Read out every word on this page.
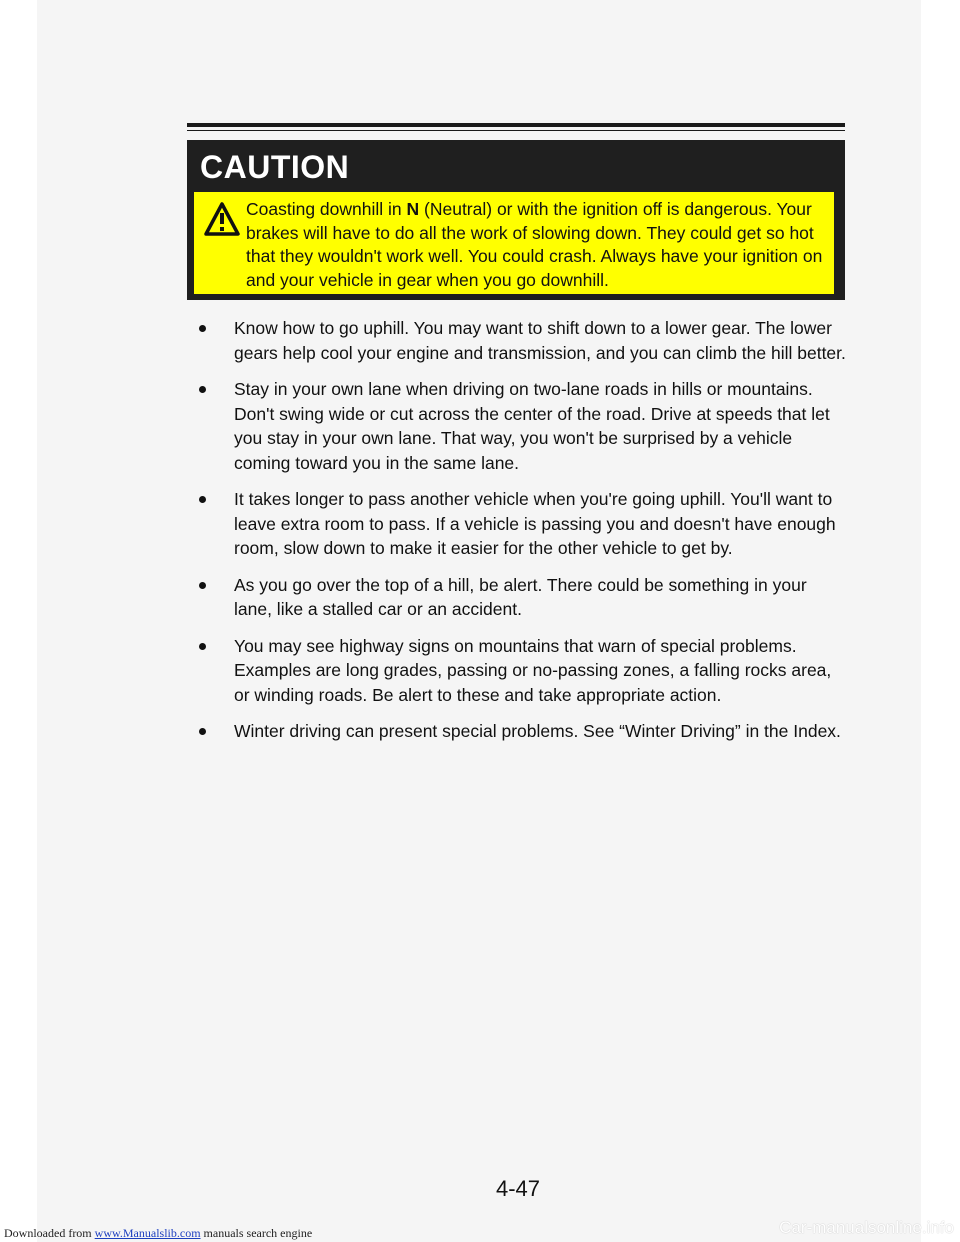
CAUTION

Coasting downhill in N (Neutral) or with the ignition off is dangerous. Your brakes will have to do all the work of slowing down. They could get so hot that they wouldn't work well. You could crash. Always have your ignition on and your vehicle in gear when you go downhill.

Know how to go uphill. You may want to shift down to a lower gear. The lower gears help cool your engine and transmission, and you can climb the hill better.
Stay in your own lane when driving on two-lane roads in hills or mountains. Don't swing wide or cut across the center of the road. Drive at speeds that let you stay in your own lane. That way, you won't be surprised by a vehicle coming toward you in the same lane.
It takes longer to pass another vehicle when you're going uphill. You'll want to leave extra room to pass. If a vehicle is passing you and doesn't have enough room, slow down to make it easier for the other vehicle to get by.
As you go over the top of a hill, be alert. There could be something in your lane, like a stalled car or an accident.
You may see highway signs on mountains that warn of special problems. Examples are long grades, passing or no-passing zones, a falling rocks area, or winding roads. Be alert to these and take appropriate action.
Winter driving can present special problems. See “Winter Driving” in the Index.
4-47
Downloaded from www.Manualslib.com manuals search engine	Car-manualsonline.info
